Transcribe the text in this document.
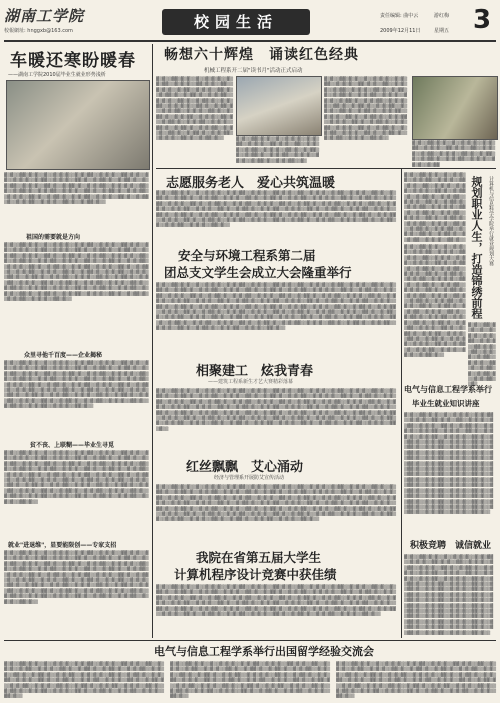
湖南工学院
校報網址: hnggxb@163.com	校园生活	责任编辑: 曲中云	游红梅
2009年12月11日	星期五 3
车暖还寒盼暖春
——湖南工学院2010届毕业生就业形势浅析
▓▒▓▒▒▓▓▒▓▒▓▒▒▓▒▒▓▒▓▒▓▒▒▓▒▓▒▓▓▒▒▓▒▓▒▓▒▒▓▓▒▓▒▓▒▒▓▓▒▒▓▒▓▒▓▒▒▓▒▓▓▒▒▓▒▓▒▓▒▒▓▓▒▓▒▒▓▒▓▓▒▓▒▒▓▒▓▓▒▓▒▒▓▒▓▒▓▓▒▒▓▒▓▒▓▒▒▓▓▒▓▒▒▓▒▓▓▒▓▒▒▓▒▓▒▓▓▒▒▓▒▓▒▓▒▓▒▒▓▓▒▓▒▒▓▒▓▓▒▓▒▒▓▒▓▒▓▓▒▒▓▒▓▒▓▒▒▓▓▒▓▒▒▓▒▓▓▒▓▒▒▓▒▓▒▓▓▒▒▓▒▓▒▓▒▒▓▓▒▓▒▒▓▒▓▓▒▓▒▒▓▒▓▒▓▓▒▒▓▒▓▒▓▒▒▓▓▒▓▒▒▓▒▓▓▒▓▒▒▓▒▓▒▓▓▒▒▓▒▓▒▓▒▒▓▓▒▓▒▒▓▒▓▓▒▓▒▒
祖国的需要就是方向
▓▒▓▒▒▓▓▒▓▒▓▒▒▓▒▒▓▒▓▒▓▒▒▓▒▓▒▓▓▒▒▓▒▓▒▓▒▒▓▓▒▓▒▓▒▒▓▓▒▒▓▒▓▒▓▒▒▓▒▓▓▒▒▓▒▓▒▓▒▒▓▓▒▓▒▒▓▒▓▓▒▓▒▒▓▒▓▓▒▓▒▒▓▒▓▒▓▓▒▒▓▒▓▒▓▒▒▓▓▒▓▒▒▓▒▓▓▒▓▒▒▓▒▓▒▓▓▒▒▓▒▓▒▓▒▓▒▒▓▓▒▓▒▒▓▒▓▓▒▓▒▒▓▒▓▒▓▓▒▒▓▒▓▒▓▒▒▓▓▒▓▒▒▓▒▓▓▒▓▒▒▓▒▓▒▓▓▒▒▓▒▓▒▓▒▒▓▓▒▓▒▒▓▒▓▓▒▓▒▒▓▒▓▒▓▓▒▒▓▒▓▒▓▒▒▓▓▒▓▒▒▓▒▓▓▒▓▒▒▓▒▓▒▓▓▒▒▓▒▓▒▓▒▒▓▓▒▓▒▒▓▒▓▓▒▓▒▒▓▒▓▒▓▓▒▒▓▒▓▒▓▒▒▓▓▒▓▒▒▓▒▓▓▒▓▒▒▓▒▓▒▓▓▒▒▓▒▓▒▓▒▒▓▓▒▓▒▒▓▒▓▓▒▓▒▒▓▒▓▒▓▓▒▒▓▒▓▒▓▒▒▓▓▒▓▒▒▓▒▓▓▒▓▒▒▓▒▓▒▓▓▒▒▓▒▓▒▓▒▒▓▓▒▓▒▒▓▒▓▓▒▓▒▒▓▒▓▒▓▓▒▒▓▒▓▒▓▒▒▓▓▒▓▒▒▓▒▓▓▒▓▒▒▓▒▓▒▓▓▒▒▓▒▓▒▓▒▒▓▓▒▓▒▒▓▒▓▓▒▓▒▒▓▒▓▒▓▓▒▒▓▒▓▒▓▒▒▓▓▒▓▒▒▓▒▓▓▒▓▒▒▓▒▓▒▓▓▒▒▓▒▓▒▓▒▒▓▓▒▓▒▒
众里寻他千百度——企业揭秘
▓▒▓▒▒▓▓▒▓▒▓▒▒▓▒▒▓▒▓▒▓▒▒▓▒▓▒▓▓▒▒▓▒▓▒▓▒▒▓▓▒▓▒▓▒▒▓▓▒▒▓▒▓▒▓▒▒▓▒▓▓▒▒▓▒▓▒▓▒▒▓▓▒▓▒▒▓▒▓▓▒▓▒▒▓▒▓▓▒▓▒▒▓▒▓▒▓▓▒▒▓▒▓▒▓▒▒▓▓▒▓▒▒▓▒▓▓▒▓▒▒▓▒▓▒▓▓▒▒▓▒▓▒▓▒▓▒▒▓▓▒▓▒▒▓▒▓▓▒▓▒▒▓▒▓▒▓▓▒▒▓▒▓▒▓▒▒▓▓▒▓▒▒▓▒▓▓▒▓▒▒▓▒▓▒▓▓▒▒▓▒▓▒▓▒▒▓▓▒▓▒▒▓▒▓▓▒▓▒▒▓▒▓▒▓▓▒▒▓▒▓▒▓▒▒▓▓▒▓▒▒▓▒▓▓▒▓▒▒▓▒▓▒▓▓▒▒▓▒▓▒▓▒▒▓▓▒▓▒▒▓▒▓▓▒▓▒▒▓▒▓▒▓▓▒▒▓▒▓▒▓▒▒▓▓▒▓▒▒▓▒▓▓▒▓▒▒▓▒▓▒▓▓▒▒▓▒▓▒▓▒▒▓▓▒▓▒▒▓▒▓▓▒▓▒▒▓▒▓▒▓▓▒▒▓▒▓▒▓▒▒▓▓▒▓▒▒▓▒▓▓▒▓▒▒▓▒▓▒▓▓▒▒▓▒▓▒▓▒▒▓▓▒▓▒▒▓▒▓▓▒▓▒▒▓▒▓▒▓▓▒▒▓▒▓▒▓▒▒▓▓▒▓▒▒
贫不丧、上联糊——毕业生寻觅
▓▒▓▒▒▓▓▒▓▒▓▒▒▓▒▒▓▒▓▒▓▒▒▓▒▓▒▓▓▒▒▓▒▓▒▓▒▒▓▓▒▓▒▓▒▒▓▓▒▒▓▒▓▒▓▒▒▓▒▓▓▒▒▓▒▓▒▓▒▒▓▓▒▓▒▒▓▒▓▓▒▓▒▒▓▒▓▓▒▓▒▒▓▒▓▒▓▓▒▒▓▒▓▒▓▒▒▓▓▒▓▒▒▓▒▓▓▒▓▒▒▓▒▓▒▓▓▒▒▓▒▓▒▓▒▓▒▒▓▓▒▓▒▒▓▒▓▓▒▓▒▒▓▒▓▒▓▓▒▒▓▒▓▒▓▒▒▓▓▒▓▒▒▓▒▓▓▒▓▒▒▓▒▓▒▓▓▒▒▓▒▓▒▓▒▒▓▓▒▓▒▒▓▒▓▓▒▓▒▒▓▒▓▒▓▓▒▒▓▒▓▒▓▒▒▓▓▒▓▒▒▓▒▓▓▒▓▒▒▓▒▓▒▓▓▒▒▓▒▓▒▓▒▒▓▓▒▓▒▒▓▒▓▓▒▓▒▒▓▒▓▒▓▓▒▒▓▒▓▒▓▒▒▓▓▒▓▒▒▓▒▓▓▒▓▒▒▓▒▓▒▓▓▒▒▓▒▓▒▓▒▒▓▓▒▓▒▒▓▒▓▓▒▓▒▒▓▒▓▒▓▓▒▒▓▒▓▒▓▒▒▓▓▒▓▒▒▓▒▓▓▒▓▒▒▓▒▓▒▓▓▒▒▓▒▓▒▓▒▒▓▓▒▓▒▒▓▒▓▓▒▓▒▒▓▒▓▒▓▓▒▒▓▒▓▒▓▒▒▓▓▒▓▒▒▓▒▓▓▒▓▒▒▓▒▓▒▓▓▒▒▓▒▓▒▓▒▒▓▓▒▓▒▒
就业"进退维"，显要能限创——专家支招
▓▒▓▒▒▓▓▒▓▒▓▒▒▓▒▒▓▒▓▒▓▒▒▓▒▓▒▓▓▒▒▓▒▓▒▓▒▒▓▓▒▓▒▓▒▒▓▓▒▒▓▒▓▒▓▒▒▓▒▓▓▒▒▓▒▓▒▓▒▒▓▓▒▓▒▒▓▒▓▓▒▓▒▒▓▒▓▓▒▓▒▒▓▒▓▒▓▓▒▒▓▒▓▒▓▒▒▓▓▒▓▒▒▓▒▓▓▒▓▒▒▓▒▓▒▓▓▒▒▓▒▓▒▓▒▓▒▒▓▓▒▓▒▒▓▒▓▓▒▓▒▒▓▒▓▒▓▓▒▒▓▒▓▒▓▒▒▓▓▒▓▒▒▓▒▓▓▒▓▒▒▓▒▓▒▓▓▒▒▓▒▓▒▓▒▒▓▓▒▓▒▒▓▒▓▓▒▓▒▒▓▒▓▒▓▓▒▒▓▒▓▒▓▒▒▓▓▒▓▒▒▓▒▓▓▒▓▒▒▓▒▓▒▓▓▒▒▓▒▓▒▓▒▒▓▓▒▓▒▒▓▒▓▓▒▓▒▒▓▒▓▒▓▓▒▒▓▒▓▒▓▒▒▓▓▒▓▒▒▓▒▓▓▒▓▒▒▓▒▓▒▓▓▒▒▓▒▓▒▓▒▒▓▓▒▓▒▒▓▒▓▓▒▓▒▒▓▒▓▒▓▓▒▒▓▒▓▒▓▒▒▓▓▒▓▒▒▓▒▓▓▒▓▒▒▓▒▓▒▓▓▒▒▓▒▓▒▓▒▒▓▓▒▓▒▒▓▒▓▓▒▓▒▒▓▒▓▒▓▓▒▒▓▒▓▒▓▒▒▓▓▒▓▒▒▓▒▓▓▒▓▒▒▓▒▓▒▓▓▒▒▓▒▓▒▓▒▒▓▓▒▓▒▒
畅想六十辉煌　诵读红色经典
机械工程系开二届"读书月"活动正式启动
▓▒▓▒▒▓▓▒▓▒▓▒▒▓▒▒▓▒▓▒▓▒▒▓▒▓▒▓▓▒▒▓▒▓▒▓▒▒▓▓▒▓▒▓▒▒▓▓▒▒▓▒▓▒▓▒▒▓▒▓▓▒▒▓▒▓▒▓▒▒▓▓▒▓▒▒▓▒▓▓▒▓▒▒▓▒▓▓▒▓▒▒▓▒▓▒▓▓▒▒▓▒▓▒▓▒▒▓▓▒▓▒▒▓▒▓▓▒▓▒▒▓▒▓▒▓▓▒▒▓▒▓▒▓▒▓▒▒▓▓▒▓▒▒▓▒▓▓▒▓▒▒▓▒▓▒▓▓▒▒▓▒▓▒▓▒▒▓▓▒▓▒▒▓▒▓▓▒▓▒▒▓▒▓▒▓▓▒▒▓▒▓▒▓▒▒▓▓▒▓▒▒▓▒▓▓▒▓▒▒▓▒▓▒▓▓▒▒▓▒▓▒▓▒▒▓▓▒▓▒▒▓▒▓▓▒▓▒▒▓▒▓▒▓▓▒▒▓▒▓▒▓▒▒▓▓▒▓▒▒▓▒▓▓▒▓▒▒▓▒▓▒▓▓▒▒▓▒▓▒▓▒▒▓▓▒▓▒▒▓▒▓▓▒▓▒▒	▓▒▓▒▒▓▓▒▓▒▓▒▒▓▒▒▓▒▓▒▓▒▒▓▒▓▒▓▓▒▒▓▒▓▒▓▒▒▓▓▒▓▒▓▒▒▓▓▒▒▓▒▓▒▓▒▒▓▒▓▓▒▒▓▒▓▒▓▒▒▓▓▒▓▒▒▓▒▓▓▒▓▒▒▓▒▓▓▒▓▒▒▓▒▓▒▓▓▒▒▓▒▓▒▓▒▒▓▓▒▓▒▒▓▒▓▓▒▓▒▒▓▒▓▒▓▓▒▒▓▒
▓▒▓▒▒▓▓▒▓▒▓▒▒▓▒▒▓▒▓▒▓▒▒▓▒▓▒▓▓▒▒▓▒▓▒▓▒▒▓▓▒▓▒▓▒▒▓▓▒▒▓▒▓▒▓▒▒▓▒▓▓▒▒▓▒▓▒▓▒▒▓▓▒▓▒▒▓▒▓▓▒▓▒▒▓▒▓▓▒▓▒▒▓▒▓▒▓▓▒▒▓▒▓▒▓▒▒▓▓▒▓▒▒▓▒▓▓▒▓▒▒▓▒▓▒▓▓▒▒▓▒▓▒▓▒▓▒▒▓▓▒▓▒▒▓▒▓▓▒▓▒▒▓▒▓▒▓▓▒▒▓▒▓▒▓▒▒▓▓▒▓▒▒▓▒▓▓▒▓▒▒▓▒▓▒▓▓▒▒▓▒▓▒▓▒▒▓▓▒▓▒▒▓▒▓▓▒▓▒▒▓▒▓▒▓▓▒▒▓▒▓▒▓▒▒▓▓▒▓▒▒▓▒▓▓▒▓▒▒▓▒▓▒▓▓▒▒▓▒▓▒▓▒▒▓▓▒▓▒▒▓▒▓▓▒▓▒▒▓▒▓▒▓▓▒▒▓▒▓▒▓▒▒▓▓▒▓▒▒▓▒▓▓▒▓▒▒▓▒▓▒▓▓▒▒▓▒▓▒▓▒▒▓▓▒▓▒▒
▓▒▓▒▒▓▓▒▓▒▓▒▒▓▒▒▓▒▓▒▓▒▒▓▒▓▒▓▓▒▒▓▒▓▒▓▒▒▓▓▒▓▒▓▒▒▓▓▒▒▓▒▓▒▓▒▒▓▒▓▓▒▒▓▒▓▒▓▒▒▓▓▒▓▒▒▓▒▓▓▒▓▒▒▓▒▓▓▒▓▒▒▓▒▓▒▓▓▒▒▓▒▓▒▓▒▒▓▓▒▓▒▒▓▒▓▓
志愿服务老人　爱心共筑温暖
▓▒▓▒▒▓▓▒▓▒▓▒▒▓▒▒▓▒▓▒▓▒▒▓▒▓▒▓▓▒▒▓▒▓▒▓▒▒▓▓▒▓▒▓▒▒▓▓▒▒▓▒▓▒▓▒▒▓▒▓▓▒▒▓▒▓▒▓▒▒▓▓▒▓▒▒▓▒▓▓▒▓▒▒▓▒▓▓▒▓▒▒▓▒▓▒▓▓▒▒▓▒▓▒▓▒▒▓▓▒▓▒▒▓▒▓▓▒▓▒▒▓▒▓▒▓▓▒▒▓▒▓▒▓▒▓▒▒▓▓▒▓▒▒▓▒▓▓▒▓▒▒▓▒▓▒▓▓▒▒▓▒▓▒▓▒▒▓▓▒▓▒▒▓▒▓▓▒▓▒▒▓▒▓▒▓▓▒▒▓▒▓▒▓▒▒▓▓▒▓▒▒▓▒▓▓▒▓▒▒▓▒▓▒▓▓▒▒▓▒▓▒▓▒▒▓▓▒▓▒▒▓▒▓▓▒▓▒▒▓▒▓▒▓▓▒▒▓▒▓▒▓▒▒▓▓▒▓▒▒▓▒▓▓▒▓▒▒▓▒▓▒▓▓▒▒▓▒▓▒▓▒▒▓▓▒▓▒▒▓▒▓▓▒▓▒▒▓▒▓▒▓▓▒▒▓▒▓▒▓▒▒▓▓▒▓▒▒▓▒▓▓▒▓▒▒▓▒▓▒▓▓▒▒▓▒▓▒▓▒▒▓▓▒▓▒▒▓▒▓▓▒▓▒▒▓▒▓▒▓▓▒▒▓▒▓▒▓▒▒▓▓▒▓▒▒▓▒▓▓▒▓▒▒▓▒▓▒▓▓▒▒▓▒▓▒▓▒▒▓▓▒▓▒▒▓▒▓▓▒▓▒▒▓▒▓▒▓▓▒▒▓▒▓▒▓▒▒▓▓▒▓▒▒▓▒▓▓▒▓▒▒▓▒▓▒▓▓▒▒▓▒▓▒▓▒▒▓▓▒▓▒▒▓▒▓▓▒▓▒▒▓▒▓▒▓▓▒▒▓▒▓▒▓▒▒▓▓▒▓▒▒
▓▒▓▒▒▓▓▒▓▒▓▒▒▓▒▒▓▒▓▒▓▒▒▓▒▓▒▓▓▒▒▓▒▓▒▓▒▒▓▓▒▓▒▓▒▒▓▓▒▒▓▒▓▒▓▒▒▓▒▓▓▒▒▓▒▓▒▓▒▒▓▓▒▓▒▒▓▒▓▓▒▓▒▒▓▒▓▓▒▓▒▒▓▒▓▒▓▓▒▒▓▒▓▒▓▒▒▓▓▒▓▒▒▓▒▓▓▒▓▒▒▓▒▓▒▓▓▒▒▓▒▓▒▓▒▓▒▒▓▓▒▓▒▒▓▒▓▓▒▓▒▒▓▒▓▒▓▓▒▒▓▒▓▒▓▒▒▓▓▒▓▒▒▓▒▓▓▒▓▒▒▓▒▓▒▓▓▒▒▓▒▓▒▓▒▒▓▓▒▓▒▒▓▒▓▓▒▓▒▒▓▒▓▒▓▓▒▒▓▒▓▒▓▒▒▓▓▒▓▒▒▓▒▓▓▒▓▒▒▓▒▓▒▓▓▒▒▓▒▓▒▓▒▒▓▓▒▓▒▒ 规划职业人生，打造锦绣前程	计算机与信息科学学院举行就业规划大赛
▓▒▓▒▒▓▓▒▓▒▓▒▒▓▒▒▓▒▓▒▓▒▒▓▒▓▒▓▓▒▒▓▒▓▒▓▒▒▓▓▒▓▒▓▒▒▓▓▒▒▓▒▓▒▓▒▒▓▒▓▓▒▒▓▒▓▒▓▒▒▓▓▒▓▒▒▓▒▓▓▒▓▒▒▓▒▓▓▒▓▒▒▓▒▓▒▓▓▒▒▓▒▓▒▓▒▒▓▓▒▓▒▒▓▒▓▓▒▓▒▒▓▒▓▒▓▓▒▒▓▒▓▒▓▒▓▒▒▓▓▒▓▒▒▓▒▓▓▒▓▒▒▓▒▓▒▓▓▒▒▓▒▓▒▓▒▒▓▓▒▓▒▒▓▒▓▓▒▓▒▒▓▒▓▒▓▓▒▒▓▒▓▒▓▒▒▓▓▒▓▒▒▓▒▓▓▒▓▒▒▓▒▓▒▓▓▒▒▓▒▓▒▓▒▒▓▓▒▓▒▒▓▒▓▓▒▓▒▒▓▒▓▒▓▓▒▒▓▒▓▒▓▒▒▓▓▒▓▒▒▓▒▓▓▒▓▒▒▓▒▓▒▓▓▒▒▓▒▓▒▓▒▒▓▓▒▓▒▒▓▒▓▓▒▓▒▒▓▒▓▒▓▓▒▒▓▒▓▒▓▒▒▓▓▒▓▒▒▓▒▓▓▒▓▒▒▓▒▓▒▓▓▒▒▓▒▓▒▓▒▒▓▓▒▓▒▒▓▒▓▓▒▓▒▒▓▒▓▒▓▓▒▒▓▒▓▒▓▒▒▓▓▒▓▒▒▓▒▓▓▒▓▒▒▓▒▓▒▓▓▒▒▓▒▓▒▓▒▒▓▓▒▓▒▒▓▒▓▓▒▓▒▒
▓▒▓▒▒▓▓▒▓▒▓▒▒▓▒▒▓▒▓▒▓▒▒▓▒▓▒▓▓▒▒▓▒▓▒▓▒▒▓▓▒▓▒▓▒▒▓▓▒▒▓▒▓▒▓▒▒▓▒▓▓▒▒▓▒▓▒▓▒▒▓▓▒▓▒▒▓▒▓▓▒▓▒▒▓▒▓▓▒▓▒▒▓▒▓▒▓▓▒▒▓▒
安全与环境工程系第二届
团总支文学生会成立大会隆重举行
▓▒▓▒▒▓▓▒▓▒▓▒▒▓▒▒▓▒▓▒▓▒▒▓▒▓▒▓▓▒▒▓▒▓▒▓▒▒▓▓▒▓▒▓▒▒▓▓▒▒▓▒▓▒▓▒▒▓▒▓▓▒▒▓▒▓▒▓▒▒▓▓▒▓▒▒▓▒▓▓▒▓▒▒▓▒▓▓▒▓▒▒▓▒▓▒▓▓▒▒▓▒▓▒▓▒▒▓▓▒▓▒▒▓▒▓▓▒▓▒▒▓▒▓▒▓▓▒▒▓▒▓▒▓▒▓▒▒▓▓▒▓▒▒▓▒▓▓▒▓▒▒▓▒▓▒▓▓▒▒▓▒▓▒▓▒▒▓▓▒▓▒▒▓▒▓▓▒▓▒▒▓▒▓▒▓▓▒▒▓▒▓▒▓▒▒▓▓▒▓▒▒▓▒▓▓▒▓▒▒▓▒▓▒▓▓▒▒▓▒▓▒▓▒▒▓▓▒▓▒▒▓▒▓▓▒▓▒▒▓▒▓▒▓▓▒▒▓▒▓▒▓▒▒▓▓▒▓▒▒▓▒▓▓▒▓▒▒▓▒▓▒▓▓▒▒▓▒▓▒▓▒▒▓▓▒▓▒▒▓▒▓▓▒▓▒▒▓▒▓▒▓▓▒▒▓▒▓▒▓▒▒▓▓▒▓▒▒▓▒▓▓▒▓▒▒▓▒▓▒▓▓▒▒▓▒▓▒▓▒▒▓▓▒▓▒▒▓▒▓▓▒▓▒▒▓▒▓▒▓▓▒▒▓▒▓▒▓▒▒▓▓▒▓▒▒▓▒▓▓▒▓▒▒▓▒▓▒▓▓▒▒▓▒▓▒▓▒▒▓▓▒▓▒▒▓▒▓▓▒▓▒▒▓▒▓▒▓▓▒▒▓▒▓▒▓▒▒▓▓▒▓▒▒▓▒▓▓▒▓▒▒▓▒▓▒▓▓▒▒▓▒▓▒▓▒▒▓▓▒▓▒▒▓▒▓▓▒▓▒▒▓▒▓▒▓▓▒▒▓▒▓▒▓▒▒▓▓▒▓▒▒▓▒▓▓▒▓▒▒▓▒▓▒▓▓▒▒▓▒▓▒▓▒▒▓▓▒▓▒▒▓▒▓▓▒▓▒▒▓▒▓▒▓▓▒▒▓▒▓▒▓▒▒▓▓▒▓▒▒▓▒▓▓▒▓▒▒▓▒▓▒▓▓▒▒▓▒▓▒▓▒▒▓▓▒▓▒▒▓▒▓▓▒▓▒▒▓▒▓▒▓▓▒▒▓▒▓▒▓▒▒▓▓▒▓▒▒▓▒▓▓▒▓▒▒▓▒▓▒▓▓▒▒▓▒▓▒▓▒▒▓▓▒▓▒▒▓▒▓▓▒▓▒▒▓▒▓▒▓▓▒▒▓▒▓▒▓▒▒▓▓▒▓▒▒
相聚建工　炫我青春
——建筑工程系新生才艺大赛精彩落幕
▓▒▓▒▒▓▓▒▓▒▓▒▒▓▒▒▓▒▓▒▓▒▒▓▒▓▒▓▓▒▒▓▒▓▒▓▒▒▓▓▒▓▒▓▒▒▓▓▒▒▓▒▓▒▓▒▒▓▒▓▓▒▒▓▒▓▒▓▒▒▓▓▒▓▒▒▓▒▓▓▒▓▒▒▓▒▓▓▒▓▒▒▓▒▓▒▓▓▒▒▓▒▓▒▓▒▒▓▓▒▓▒▒▓▒▓▓▒▓▒▒▓▒▓▒▓▓▒▒▓▒▓▒▓▒▓▒▒▓▓▒▓▒▒▓▒▓▓▒▓▒▒▓▒▓▒▓▓▒▒▓▒▓▒▓▒▒▓▓▒▓▒▒▓▒▓▓▒▓▒▒▓▒▓▒▓▓▒▒▓▒▓▒▓▒▒▓▓▒▓▒▒▓▒▓▓▒▓▒▒▓▒▓▒▓▓▒▒▓▒▓▒▓▒▒▓▓▒▓▒▒▓▒▓▓▒▓▒▒▓▒▓▒▓▓▒▒▓▒▓▒▓▒▒▓▓▒▓▒▒▓▒▓▓▒▓▒▒▓▒▓▒▓▓▒▒▓▒▓▒▓▒▒▓▓▒▓▒▒▓▒▓▓▒▓▒▒▓▒▓▒▓▓▒▒▓▒▓▒▓▒▒▓▓▒▓▒▒▓▒▓▓▒▓▒▒▓▒▓▒▓▓▒▒▓▒▓▒▓▒▒▓▓▒▓▒▒▓▒▓▓▒▓▒▒▓▒▓▒▓▓▒▒▓▒▓▒▓▒▒▓▓▒▓▒▒▓▒▓▓▒▓▒▒▓▒▓▒▓▓▒▒▓▒▓▒▓▒▒▓▓▒▓▒▒▓▒▓▓▒▓▒▒▓▒▓▒▓▓▒▒▓▒▓▒▓▒▒▓▓▒▓▒▒▓▒▓▓▒▓▒▒▓▒▓▒▓▓▒▒▓▒▓▒▓▒▒▓▓▒▓▒▒▓▒▓▓▒▓▒▒▓▒▓▒▓▓▒▒▓▒▓▒▓▒▒▓▓▒▓▒▒▓▒▓▓▒▓▒▒▓▒▓▒▓▓▒▒▓▒▓▒▓▒▒▓▓▒▓▒▒▓▒▓▓▒▓▒▒▓▒▓▒▓▓▒▒▓▒▓▒▓▒▒▓▓▒▓▒▒
电气与信息工程学系举行
毕业生就业知识讲座
▓▒▓▒▒▓▓▒▓▒▓▒▒▓▒▒▓▒▓▒▓▒▒▓▒▓▒▓▓▒▒▓▒▓▒▓▒▒▓▓▒▓▒▓▒▒▓▓▒▒▓▒▓▒▓▒▒▓▒▓▓▒▒▓▒▓▒▓▒▒▓▓▒▓▒▒▓▒▓▓▒▓▒▒▓▒▓▓▒▓▒▒▓▒▓▒▓▓▒▒▓▒▓▒▓▒▒▓▓▒▓▒▒▓▒▓▓▒▓▒▒▓▒▓▒▓▓▒▒▓▒▓▒▓▒▓▒▒▓▓▒▓▒▒▓▒▓▓▒▓▒▒▓▒▓▒▓▓▒▒▓▒▓▒▓▒▒▓▓▒▓▒▒▓▒▓▓▒▓▒▒▓▒▓▒▓▓▒▒▓▒▓▒▓▒▒▓▓▒▓▒▒▓▒▓▓▒▓▒▒▓▒▓▒▓▓▒▒▓▒▓▒▓▒▒▓▓▒▓▒▒▓▒▓▓▒▓▒▒▓▒▓▒▓▓▒▒▓▒▓▒▓▒▒▓▓▒▓▒▒▓▒▓▓▒▓▒▒▓▒▓▒▓▓▒▒▓▒▓▒▓▒▒▓▓▒▓▒▒▓▒▓▓▒▓▒▒▓▒▓▒▓▓▒▒▓▒▓▒▓▒▒▓▓▒▓▒▒▓▒▓▓▒▓▒▒▓▒▓▒▓▓▒▒▓▒▓▒▓▒▒▓▓▒▓▒▒▓▒▓▓▒▓▒▒▓▒▓▒▓▓▒▒▓▒▓▒▓▒▒▓▓▒▓▒▒▓▒▓▓▒▓▒▒▓▒▓▒▓▓▒▒▓▒▓▒▓▒▒▓▓▒▓▒▒▓▒▓▓▒▓▒▒▓▒▓▒▓▓▒▒▓▒▓▒▓▒▒▓▓▒▓▒▒▓▒▓▓▒▓▒▒▓▒▓▒▓▓▒▒▓▒▓▒▓▒▒▓▓▒▓▒▒▓▒▓▓▒▓▒▒▓▒▓▒▓▓▒▒▓▒▓▒▓▒▒▓▓▒▓▒▒▓▒▓▓▒▓▒▒▓▒▓▒▓▓▒▒▓▒▓▒▓▒▒▓▓▒▓▒▒▓▒▓▓▒▓▒▒▓▒▓▒▓▓▒▒▓▒▓▒▓▒▒▓▓▒▓▒▒
红丝飘飘　艾心涌动
经济与管理系开展防艾宣传活动
▓▒▓▒▒▓▓▒▓▒▓▒▒▓▒▒▓▒▓▒▓▒▒▓▒▓▒▓▓▒▒▓▒▓▒▓▒▒▓▓▒▓▒▓▒▒▓▓▒▒▓▒▓▒▓▒▒▓▒▓▓▒▒▓▒▓▒▓▒▒▓▓▒▓▒▒▓▒▓▓▒▓▒▒▓▒▓▓▒▓▒▒▓▒▓▒▓▓▒▒▓▒▓▒▓▒▒▓▓▒▓▒▒▓▒▓▓▒▓▒▒▓▒▓▒▓▓▒▒▓▒▓▒▓▒▓▒▒▓▓▒▓▒▒▓▒▓▓▒▓▒▒▓▒▓▒▓▓▒▒▓▒▓▒▓▒▒▓▓▒▓▒▒▓▒▓▓▒▓▒▒▓▒▓▒▓▓▒▒▓▒▓▒▓▒▒▓▓▒▓▒▒▓▒▓▓▒▓▒▒▓▒▓▒▓▓▒▒▓▒▓▒▓▒▒▓▓▒▓▒▒▓▒▓▓▒▓▒▒▓▒▓▒▓▓▒▒▓▒▓▒▓▒▒▓▓▒▓▒▒▓▒▓▓▒▓▒▒▓▒▓▒▓▓▒▒▓▒▓▒▓▒▒▓▓▒▓▒▒▓▒▓▓▒▓▒▒▓▒▓▒▓▓▒▒▓▒▓▒▓▒▒▓▓▒▓▒▒▓▒▓▓▒▓▒▒▓▒▓▒▓▓▒▒▓▒▓▒▓▒▒▓▓▒▓▒▒▓▒▓▓▒▓▒▒▓▒▓▒▓▓▒▒▓▒▓▒▓▒▒▓▓▒▓▒▒▓▒▓▓▒▓▒▒▓▒▓▒▓▓▒▒▓▒▓▒▓▒▒▓▓▒▓▒▒▓▒▓▓▒▓▒▒▓▒▓▒▓▓▒▒▓▒▓▒▓▒▒▓▓▒▓▒▒▓▒▓▓▒▓▒▒▓▒▓▒▓▓▒▒▓▒▓▒▓▒▒▓▓▒▓▒▒▓▒▓▓▒▓▒▒▓▒▓▒▓▓▒▒▓▒▓▒▓▒▒▓▓▒▓▒▒▓▒▓▓▒▓▒▒▓▒▓▒▓▓▒▒▓▒▓▒▓▒▒▓▓▒▓▒▒
积极竞聘　诚信就业
▓▒▓▒▒▓▓▒▓▒▓▒▒▓▒▒▓▒▓▒▓▒▒▓▒▓▒▓▓▒▒▓▒▓▒▓▒▒▓▓▒▓▒▓▒▒▓▓▒▒▓▒▓▒▓▒▒▓▒▓▓▒▒▓▒▓▒▓▒▒▓▓▒▓▒▒▓▒▓▓▒▓▒▒▓▒▓▓▒▓▒▒▓▒▓▒▓▓▒▒▓▒▓▒▓▒▒▓▓▒▓▒▒▓▒▓▓▒▓▒▒▓▒▓▒▓▓▒▒▓▒▓▒▓▒▓▒▒▓▓▒▓▒▒▓▒▓▓▒▓▒▒▓▒▓▒▓▓▒▒▓▒▓▒▓▒▒▓▓▒▓▒▒▓▒▓▓▒▓▒▒▓▒▓▒▓▓▒▒▓▒▓▒▓▒▒▓▓▒▓▒▒▓▒▓▓▒▓▒▒▓▒▓▒▓▓▒▒▓▒▓▒▓▒▒▓▓▒▓▒▒▓▒▓▓▒▓▒▒▓▒▓▒▓▓▒▒▓▒▓▒▓▒▒▓▓▒▓▒▒▓▒▓▓▒▓▒▒▓▒▓▒▓▓▒▒▓▒▓▒▓▒▒▓▓▒▓▒▒▓▒▓▓▒▓▒▒▓▒▓▒▓▓▒▒▓▒▓▒▓▒▒▓▓▒▓▒▒▓▒▓▓▒▓▒▒▓▒▓▒▓▓▒▒▓▒▓▒▓▒▒▓▓▒▓▒▒▓▒▓▓▒▓▒▒▓▒▓▒▓▓▒▒▓▒▓▒▓▒▒▓▓▒▓▒▒▓▒▓▓▒▓▒▒▓▒▓▒▓▓▒▒▓▒▓▒▓▒▒▓▓▒▓▒▒▓▒▓▓▒▓▒▒▓▒▓▒▓▓▒▒▓▒▓▒▓▒▒▓▓▒▓▒▒
我院在省第五届大学生
计算机程序设计竞赛中获佳绩
▓▒▓▒▒▓▓▒▓▒▓▒▒▓▒▒▓▒▓▒▓▒▒▓▒▓▒▓▓▒▒▓▒▓▒▓▒▒▓▓▒▓▒▓▒▒▓▓▒▒▓▒▓▒▓▒▒▓▒▓▓▒▒▓▒▓▒▓▒▒▓▓▒▓▒▒▓▒▓▓▒▓▒▒▓▒▓▓▒▓▒▒▓▒▓▒▓▓▒▒▓▒▓▒▓▒▒▓▓▒▓▒▒▓▒▓▓▒▓▒▒▓▒▓▒▓▓▒▒▓▒▓▒▓▒▓▒▒▓▓▒▓▒▒▓▒▓▓▒▓▒▒▓▒▓▒▓▓▒▒▓▒▓▒▓▒▒▓▓▒▓▒▒▓▒▓▓▒▓▒▒▓▒▓▒▓▓▒▒▓▒▓▒▓▒▒▓▓▒▓▒▒▓▒▓▓▒▓▒▒▓▒▓▒▓▓▒▒▓▒▓▒▓▒▒▓▓▒▓▒▒▓▒▓▓▒▓▒▒▓▒▓▒▓▓▒▒▓▒▓▒▓▒▒▓▓▒▓▒▒▓▒▓▓▒▓▒▒▓▒▓▒▓▓▒▒▓▒▓▒▓▒▒▓▓▒▓▒▒▓▒▓▓▒▓▒▒▓▒▓▒▓▓▒▒▓▒▓▒▓▒▒▓▓▒▓▒▒▓▒▓▓▒▓▒▒▓▒▓▒▓▓▒▒▓▒▓▒▓▒▒▓▓▒▓▒▒▓▒▓▓▒▓▒▒▓▒▓▒▓▓▒▒▓▒▓▒▓▒▒▓▓▒▓▒▒▓▒▓▓▒▓▒▒▓▒▓▒▓▓▒▒▓▒▓▒▓▒▒▓▓▒▓▒▒▓▒▓▓▒▓▒▒▓▒▓▒▓▓▒▒▓▒▓▒▓▒▒▓▓▒▓▒▒▓▒▓▓▒▓▒▒▓▒▓▒▓▓▒▒▓▒▓▒▓▒▒▓▓▒▓▒▒
电气与信息工程学系举行出国留学经验交流会
▓▒▓▒▒▓▓▒▓▒▓▒▒▓▒▒▓▒▓▒▓▒▒▓▒▓▒▓▓▒▒▓▒▓▒▓▒▒▓▓▒▓▒▓▒▒▓▓▒▒▓▒▓▒▓▒▒▓▒▓▓▒▒▓▒▓▒▓▒▒▓▓▒▓▒▒▓▒▓▓▒▓▒▒▓▒▓▓▒▓▒▒▓▒▓▒▓▓▒▒▓▒▓▒▓▒▒▓▓▒▓▒▒▓▒▓▓▒▓▒▒▓▒▓▒▓▓▒▒▓▒▓▒▓▒▓▒▒▓▓▒▓▒▒▓▒▓▓▒▓▒▒▓▒▓▒▓▓▒▒▓▒▓▒▓▒▒▓▓▒▓▒▒▓▒▓▓▒▓▒▒▓▒▓▒▓▓▒▒▓▒▓▒▓▒▒▓▓▒▓▒▒▓▒▓▓▒▓▒▒▓▒▓▒▓▓▒▒▓▒▓▒▓▒▒▓▓▒▓▒▒▓▒▓▓▒▓▒▒▓▒▓▒▓▓▒▒▓▒▓▒▓▒▒▓▓▒▓▒▒▓▒▓▓▒▓▒▒▓▒▓▒▓▓▒▒▓▒▓▒▓▒▒▓▓▒▓▒▒▓▒▓▓▒▓▒▒▓▒▓▒▓▓▒▒▓▒▓▒▓▒▒▓▓▒▓▒▒
▓▒▓▒▒▓▓▒▓▒▓▒▒▓▒▒▓▒▓▒▓▒▒▓▒▓▒▓▓▒▒▓▒▓▒▓▒▒▓▓▒▓▒▓▒▒▓▓▒▒▓▒▓▒▓▒▒▓▒▓▓▒▒▓▒▓▒▓▒▒▓▓▒▓▒▒▓▒▓▓▒▓▒▒▓▒▓▓▒▓▒▒▓▒▓▒▓▓▒▒▓▒▓▒▓▒▒▓▓▒▓▒▒▓▒▓▓▒▓▒▒▓▒▓▒▓▓▒▒▓▒▓▒▓▒▓▒▒▓▓▒▓▒▒▓▒▓▓▒▓▒▒▓▒▓▒▓▓▒▒▓▒▓▒▓▒▒▓▓▒▓▒▒▓▒▓▓▒▓▒▒▓▒▓▒▓▓▒▒▓▒▓▒▓▒▒▓▓▒▓▒▒▓▒▓▓▒▓▒▒▓▒▓▒▓▓▒▒▓▒▓▒▓▒▒▓▓▒▓▒▒▓▒▓▓▒▓▒▒▓▒▓▒▓▓▒▒▓▒▓▒▓▒▒▓▓▒▓▒▒▓▒▓▓▒▓▒▒▓▒▓▒▓▓▒▒▓▒▓▒▓▒▒▓▓▒▓▒▒▓▒▓▓▒▓▒▒▓▒▓▒▓▓▒▒▓▒▓▒▓▒▒▓▓▒▓▒▒
▓▒▓▒▒▓▓▒▓▒▓▒▒▓▒▒▓▒▓▒▓▒▒▓▒▓▒▓▓▒▒▓▒▓▒▓▒▒▓▓▒▓▒▓▒▒▓▓▒▒▓▒▓▒▓▒▒▓▒▓▓▒▒▓▒▓▒▓▒▒▓▓▒▓▒▒▓▒▓▓▒▓▒▒▓▒▓▓▒▓▒▒▓▒▓▒▓▓▒▒▓▒▓▒▓▒▒▓▓▒▓▒▒▓▒▓▓▒▓▒▒▓▒▓▒▓▓▒▒▓▒▓▒▓▒▓▒▒▓▓▒▓▒▒▓▒▓▓▒▓▒▒▓▒▓▒▓▓▒▒▓▒▓▒▓▒▒▓▓▒▓▒▒▓▒▓▓▒▓▒▒▓▒▓▒▓▓▒▒▓▒▓▒▓▒▒▓▓▒▓▒▒▓▒▓▓▒▓▒▒▓▒▓▒▓▓▒▒▓▒▓▒▓▒▒▓▓▒▓▒▒▓▒▓▓▒▓▒▒▓▒▓▒▓▓▒▒▓▒▓▒▓▒▒▓▓▒▓▒▒▓▒▓▓▒▓▒▒▓▒▓▒▓▓▒▒▓▒▓▒▓▒▒▓▓▒▓▒▒▓▒▓▓▒▓▒▒▓▒▓▒▓▓▒▒▓▒▓▒▓▒▒▓▓▒▓▒▒
